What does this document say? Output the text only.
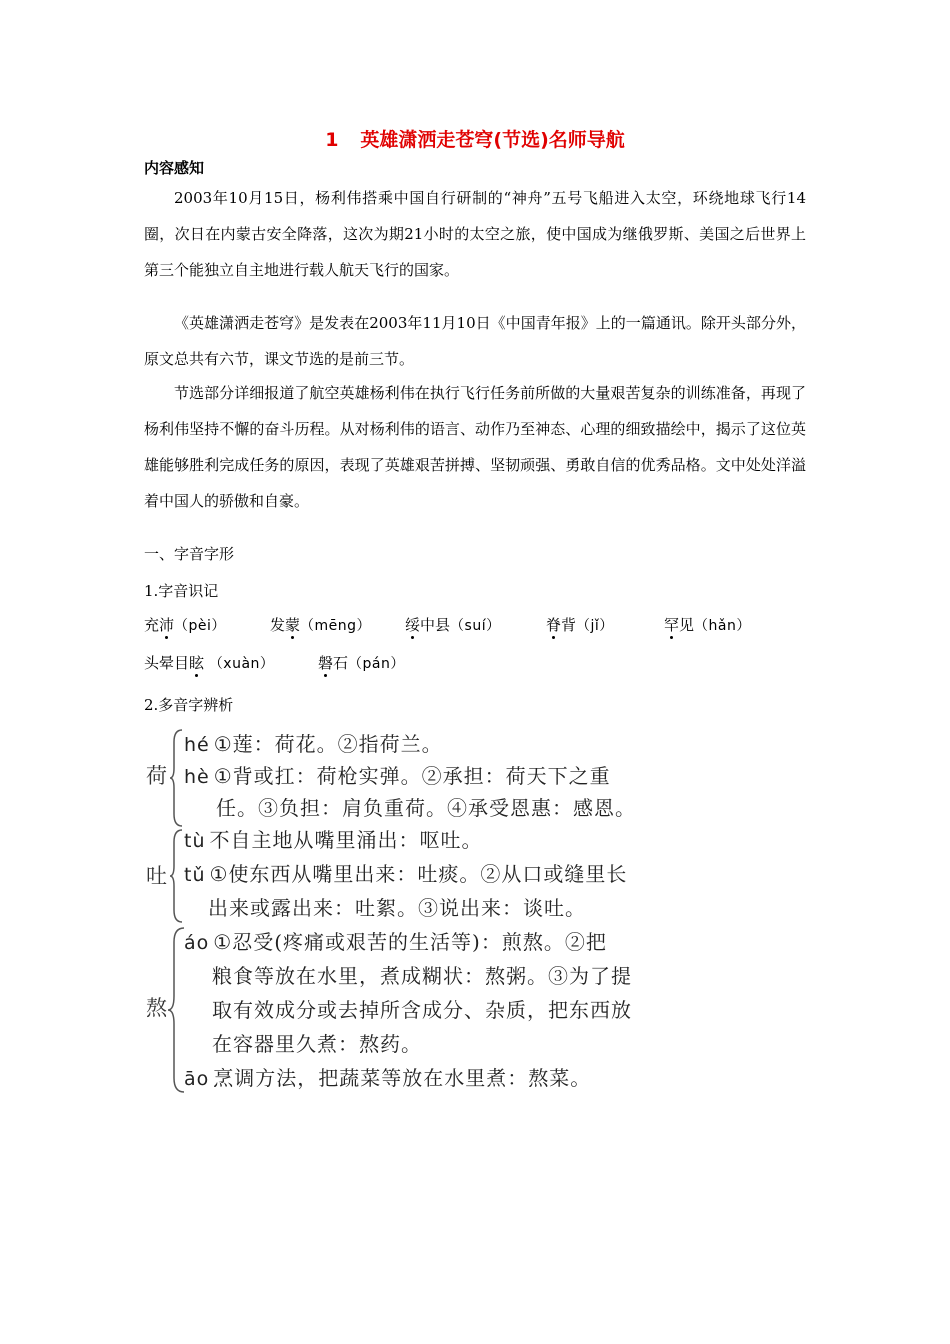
1 英雄潇洒走苍穹(节选)名师导航
内容感知
2003年10月15日，杨利伟搭乘中国自行研制的“神舟”五号飞船进入太空，环绕地球飞行14圈，次日在内蒙古安全降落，这次为期21小时的太空之旅，使中国成为继俄罗斯、美国之后世界上第三个能独立自主地进行载人航天飞行的国家。
《英雄潇洒走苍穹》是发表在2003年11月10日《中国青年报》上的一篇通讯。除开头部分外，原文总共有六节，课文节选的是前三节。
节选部分详细报道了航空英雄杨利伟在执行飞行任务前所做的大量艰苦复杂的训练准备，再现了杨利伟坚持不懈的奋斗历程。从对杨利伟的语言、动作乃至神态、心理的细致描绘中，揭示了这位英雄能够胜利完成任务的原因，表现了英雄艰苦拼搏、坚韧顽强、勇敢自信的优秀品格。文中处处洋溢着中国人的骄傲和自豪。
一、字音字形
1.字音识记
充沛（pèi）	发蒙（mēng） 绥中县（suí）	脊背（jǐ）	罕见（hǎn）
头晕目眩 （xuàn）	磐石（pán）
2.多音字辨析
荷
hé ①莲：荷花。②指荷兰。
hè ①背或扛：荷枪实弹。②承担：荷天下之重
任。③负担：肩负重荷。④承受恩惠：感恩。
吐
tù 不自主地从嘴里涌出：呕吐。
tǔ ①使东西从嘴里出来：吐痰。②从口或缝里长
出来或露出来：吐絮。③说出来：谈吐。
熬
áo ①忍受(疼痛或艰苦的生活等)：煎熬。②把
粮食等放在水里，煮成糊状：熬粥。③为了提
取有效成分或去掉所含成分、杂质，把东西放
在容器里久煮：熬药。
āo 烹调方法，把蔬菜等放在水里煮：熬菜。
